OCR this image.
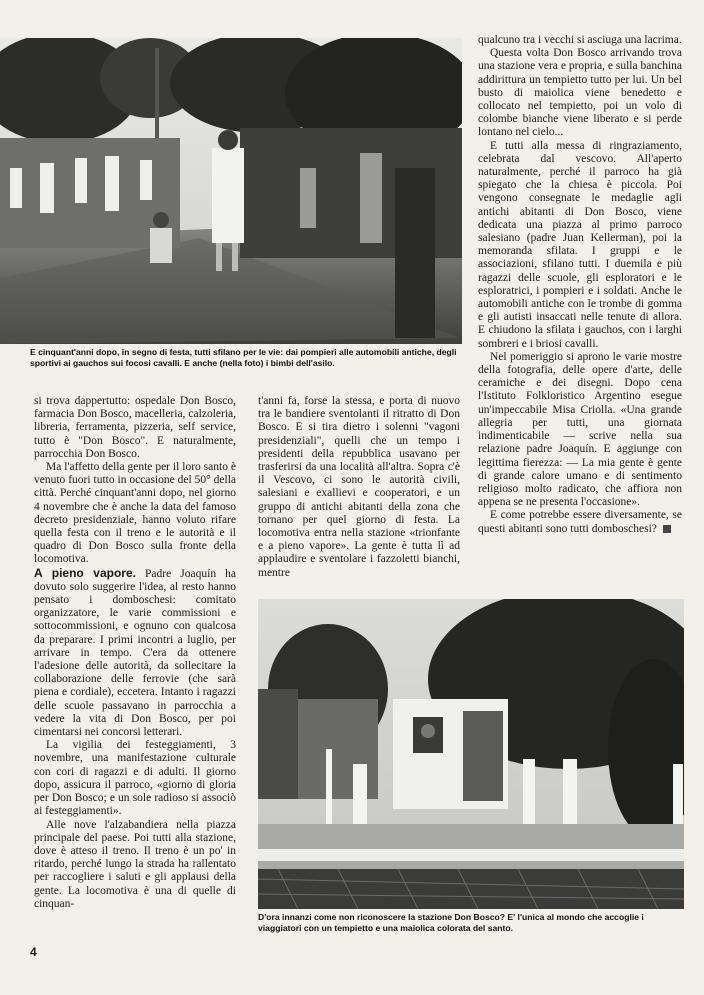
E cinquant'anni dopo, in segno di festa, tutti sfilano per le vie: dai pompieri alle automobili antiche, degli sportivi ai gauchos sui focosi cavalli. E anche (nella foto) i bimbi dell'asilo.

si trova dappertutto: ospedale Don Bosco, farmacia Don Bosco, macelleria, calzoleria, libreria, ferramenta, pizzeria, self service, tutto è "Don Bosco". E naturalmente, parrocchia Don Bosco.

Ma l'affetto della gente per il loro santo è venuto fuori tutto in occasione del 50° della città. Perché cinquant'anni dopo, nel giorno 4 novembre che è anche la data del famoso decreto presidenziale, hanno voluto rifare quella festa con il treno e le autorità e il quadro di Don Bosco sulla fronte della locomotiva.

A pieno vapore. Padre Joaquín ha dovuto solo suggerire l'idea, al resto hanno pensato i domboschesi: comitato organizzatore, le varie commissioni e sottocommissioni, e ognuno con qualcosa da preparare. I primi incontri a luglio, per arrivare in tempo. C'era da ottenere l'adesione delle autorità, da sollecitare la collaborazione delle ferrovie (che sarà piena e cordiale), eccetera. Intanto i ragazzi delle scuole passavano in parrocchia a vedere la vita di Don Bosco, per poi cimentarsi nei concorsi letterari.

La vigilia dei festeggiamenti, 3 novembre, una manifestazione culturale con cori di ragazzi e di adulti. Il giorno dopo, assicura il parroco, «giorno di gloria per Don Bosco; e un sole radioso si associò ai festeggiamenti».

Alle nove l'alzabandiera nella piazza principale del paese. Poi tutti alla stazione, dove è atteso il treno. Il treno è un po' in ritardo, perché lungo la strada ha rallentato per raccogliere i saluti e gli applausi della gente. La locomotiva è una di quelle di cinquan-

t'anni fa, forse la stessa, e porta di nuovo tra le bandiere sventolanti il ritratto di Don Bosco. E si tira dietro i solenni "vagoni presidenziali", quelli che un tempo i presidenti della repubblica usavano per trasferirsi da una località all'altra. Sopra c'è il Vescovo, ci sono le autorità civili, salesiani e exallievi e cooperatori, e un gruppo di antichi abitanti della zona che tornano per quel giorno di festa. La locomotiva entra nella stazione «trionfante e a pieno vapore». La gente è tutta lì ad applaudire e sventolare i fazzoletti bianchi, mentre

qualcuno tra i vecchi si asciuga una lacrima.

Questa volta Don Bosco arrivando trova una stazione vera e propria, e sulla banchina addirittura un tempietto tutto per lui. Un bel busto di maiolica viene benedetto e collocato nel tempietto, poi un volo di colombe bianche viene liberato e si perde lontano nel cielo...

E tutti alla messa di ringraziamento, celebrata dal vescovo. All'aperto naturalmente, perché il parroco ha già spiegato che la chiesa è piccola. Poi vengono consegnate le medaglie agli antichi abitanti di Don Bosco, viene dedicata una piazza al primo parroco salesiano (padre Juan Kellerman), poi la memoranda sfilata. I gruppi e le associazioni, sfilano tutti. I duemila e più ragazzi delle scuole, gli esploratori e le esploratrici, i pompieri e i soldati. Anche le automobili antiche con le trombe di gomma e gli autisti insaccati nelle tenute di allora. E chiudono la sfilata i gauchos, con i larghi sombreri e i briosi cavalli.

Nel pomeriggio si aprono le varie mostre della fotografia, delle opere d'arte, delle ceramiche e dei disegni. Dopo cena l'Istituto Folkloristico Argentino esegue un'impeccabile Misa Criolla. «Una grande allegria per tutti, una giornata indimenticabile — scrive nella sua relazione padre Joaquín. E aggiunge con legittima fierezza: — La mia gente è gente di grande calore umano e di sentimento religioso molto radicato, che affiora non appena se ne presenta l'occasione».

E come potrebbe essere diversamente, se questi abitanti sono tutti domboschesi?

D'ora innanzi come non riconoscere la stazione Don Bosco? E' l'unica al mondo che accoglie i viaggiatori con un tempietto e una maiolica colorata del santo.
4
